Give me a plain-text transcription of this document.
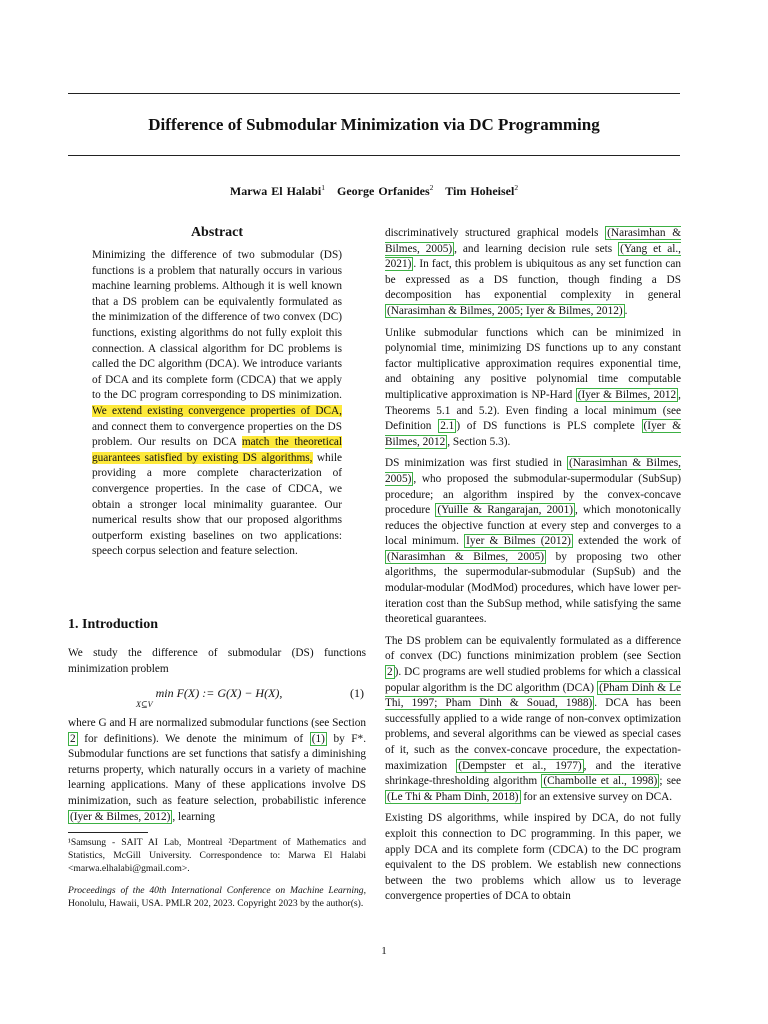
Difference of Submodular Minimization via DC Programming
Marwa El Halabi$^1$ George Orfanides$^2$ Tim Hoheisel$^2$
Abstract
Minimizing the difference of two submodular (DS) functions is a problem that naturally occurs in various machine learning problems. Although it is well known that a DS problem can be equivalently formulated as the minimization of the difference of two convex (DC) functions, existing algorithms do not fully exploit this connection. A classical algorithm for DC problems is called the DC algorithm (DCA). We introduce variants of DCA and its complete form (CDCA) that we apply to the DC program corresponding to DS minimization. We extend existing convergence properties of DCA, and connect them to convergence properties on the DS problem. Our results on DCA match the theoretical guarantees satisfied by existing DS algorithms, while providing a more complete characterization of convergence properties. In the case of CDCA, we obtain a stronger local minimality guarantee. Our numerical results show that our proposed algorithms outperform existing baselines on two applications: speech corpus selection and feature selection.
1. Introduction

We study the difference of submodular (DS) functions minimization problem

min F(X) := G(X) − H(X),
X⊆V
(1)

where G and H are normalized submodular functions (see Section 2 for definitions). We denote the minimum of (1) by F*. Submodular functions are set functions that satisfy a diminishing returns property, which naturally occurs in a variety of machine learning applications. Many of these applications involve DS minimization, such as feature selection, probabilistic inference (Iyer & Bilmes, 2012) , learning

¹Samsung - SAIT AI Lab, Montreal ²Department of Mathematics and Statistics, McGill University. Correspondence to: Marwa El Halabi <marwa.elhalabi@gmail.com>.
Proceedings of the 40th International Conference on Machine Learning, Honolulu, Hawaii, USA. PMLR 202, 2023. Copyright 2023 by the author(s).

discriminatively structured graphical models (Narasimhan & Bilmes, 2005) , and learning decision rule sets (Yang et al., 2021) . In fact, this problem is ubiquitous as any set function can be expressed as a DS function, though finding a DS decomposition has exponential complexity in general (Narasimhan & Bilmes, 2005; Iyer & Bilmes, 2012) .

Unlike submodular functions which can be minimized in polynomial time, minimizing DS functions up to any constant factor multiplicative approximation requires exponential time, and obtaining any positive polynomial time computable multiplicative approximation is NP-Hard (Iyer & Bilmes, 2012 , Theorems 5.1 and 5.2). Even finding a local minimum (see Definition 2.1 ) of DS functions is PLS complete (Iyer & Bilmes, 2012 , Section 5.3).

DS minimization was first studied in (Narasimhan & Bilmes, 2005) , who proposed the submodular-supermodular (SubSup) procedure; an algorithm inspired by the convex-concave procedure (Yuille & Rangarajan, 2001) , which monotonically reduces the objective function at every step and converges to a local minimum. Iyer & Bilmes (2012) extended the work of (Narasimhan & Bilmes, 2005) by proposing two other algorithms, the supermodular-submodular (SupSub) and the modular-modular (ModMod) procedures, which have lower per-iteration cost than the SubSup method, while satisfying the same theoretical guarantees.

The DS problem can be equivalently formulated as a difference of convex (DC) functions minimization problem (see Section 2 ). DC programs are well studied problems for which a classical popular algorithm is the DC algorithm (DCA) (Pham Dinh & Le Thi, 1997; Pham Dinh & Souad, 1988) . DCA has been successfully applied to a wide range of non-convex optimization problems, and several algorithms can be viewed as special cases of it, such as the convex-concave procedure, the expectation-maximization (Dempster et al., 1977) , and the iterative shrinkage-thresholding algorithm (Chambolle et al., 1998) ; see (Le Thi & Pham Dinh, 2018) for an extensive survey on DCA.

Existing DS algorithms, while inspired by DCA, do not fully exploit this connection to DC programming. In this paper, we apply DCA and its complete form (CDCA) to the DC program equivalent to the DS problem. We establish new connections between the two problems which allow us to leverage convergence properties of DCA to obtain

1
